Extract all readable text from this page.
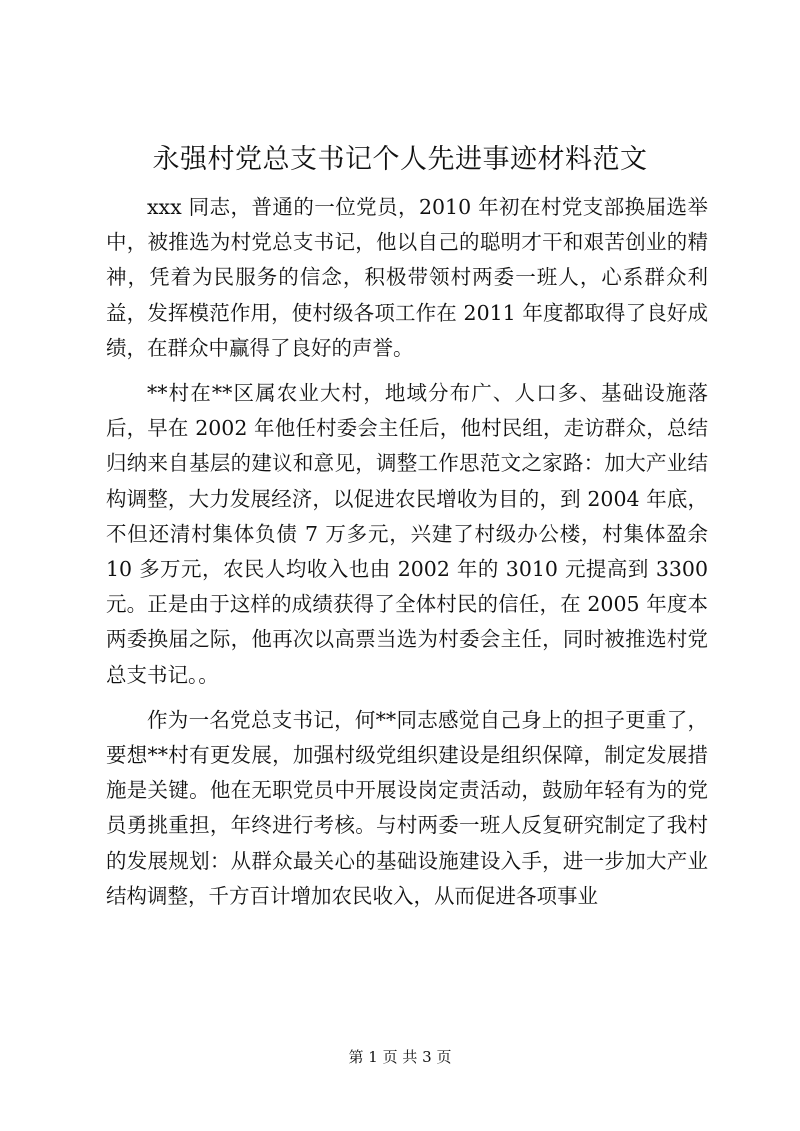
永强村党总支书记个人先进事迹材料范文

xxx 同志，普通的一位党员，2010 年初在村党支部换届选举中，被推选为村党总支书记，他以自己的聪明才干和艰苦创业的精神，凭着为民服务的信念，积极带领村两委一班人，心系群众利益，发挥模范作用，使村级各项工作在 2011 年度都取得了良好成绩，在群众中赢得了良好的声誉。

**村在**区属农业大村，地域分布广、人口多、基础设施落后，早在 2002 年他任村委会主任后，他村民组，走访群众，总结归纳来自基层的建议和意见，调整工作思范文之家路：加大产业结构调整，大力发展经济，以促进农民增收为目的，到 2004 年底，不但还清村集体负债 7 万多元，兴建了村级办公楼，村集体盈余 10 多万元，农民人均收入也由 2002 年的 3010 元提高到 3300 元。正是由于这样的成绩获得了全体村民的信任，在 2005 年度本两委换届之际，他再次以高票当选为村委会主任，同时被推选村党总支书记。。

作为一名党总支书记，何**同志感觉自己身上的担子更重了，要想**村有更发展，加强村级党组织建设是组织保障，制定发展措施是关键。他在无职党员中开展设岗定责活动，鼓励年轻有为的党员勇挑重担，年终进行考核。与村两委一班人反复研究制定了我村的发展规划：从群众最关心的基础设施建设入手，进一步加大产业结构调整，千方百计增加农民收入，从而促进各项事业

第 1 页 共 3 页
